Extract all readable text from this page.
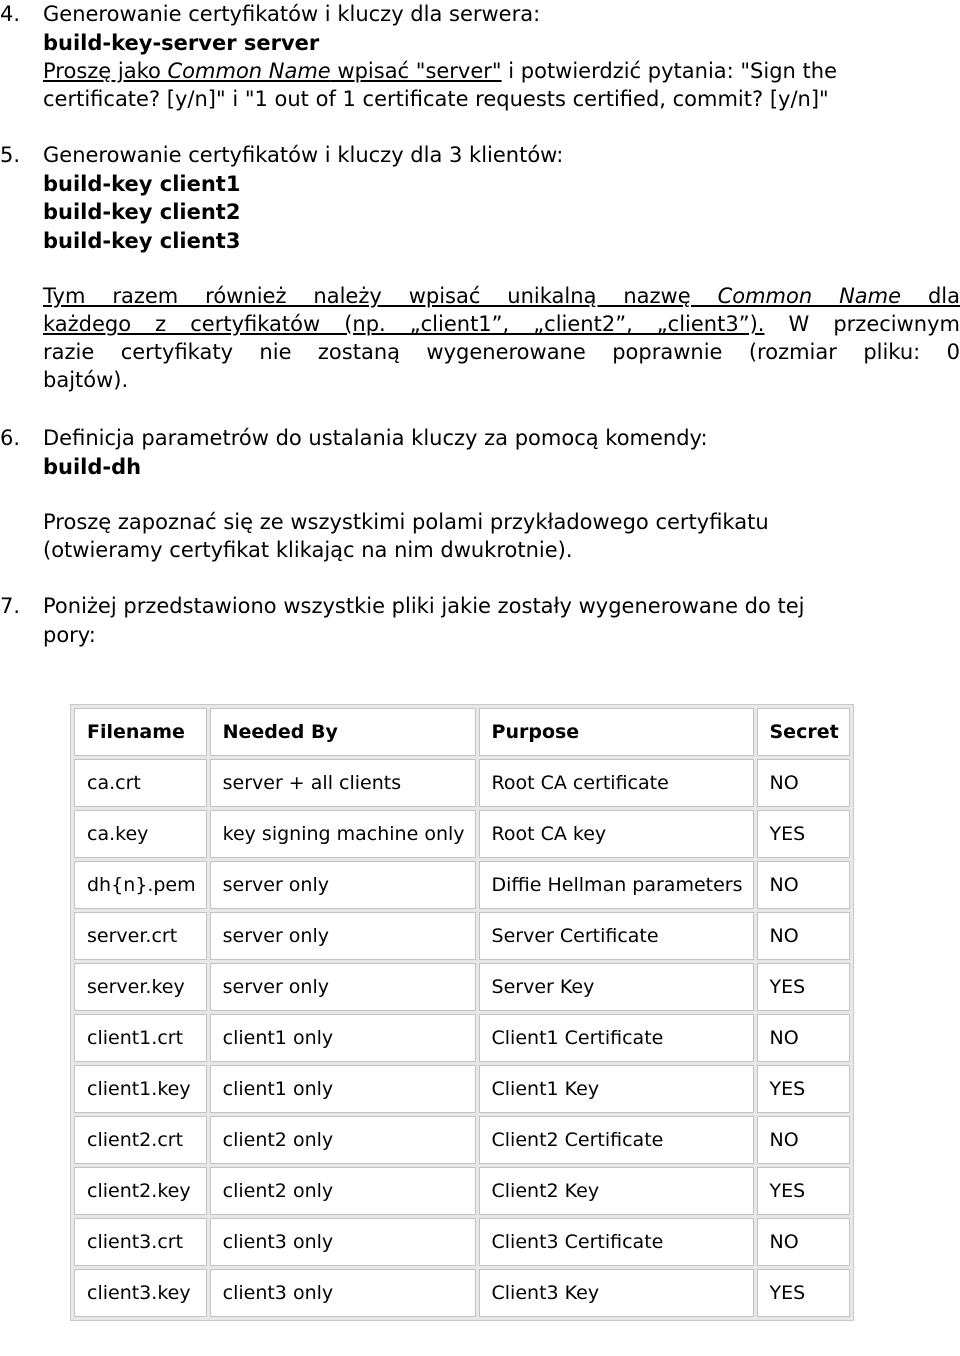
4.	Generowanie certyfikatów i kluczy dla serwera:
build-key-server server
Proszę jako Common Name wpisać "server" i potwierdzić pytania: "Sign the
certificate? [y/n]" i "1 out of 1 certificate requests certified, commit? [y/n]"
5.	Generowanie certyfikatów i kluczy dla 3 klientów:
build-key client1
build-key client2
build-key client3
Tym razem również należy wpisać unikalną nazwę Common Name dla
każdego z certyfikatów (np. „client1”, „client2”, „client3”). W przeciwnym
razie certyfikaty nie zostaną wygenerowane poprawnie (rozmiar pliku: 0
bajtów).
6.	Definicja parametrów do ustalania kluczy za pomocą komendy:
build-dh
Proszę zapoznać się ze wszystkimi polami przykładowego certyfikatu
(otwieramy certyfikat klikając na nim dwukrotnie).
7.	Poniżej przedstawiono wszystkie pliki jakie zostały wygenerowane do tej
pory:
Filename	Needed By	Purpose	Secret
ca.crt	server + all clients	Root CA certificate	NO
ca.key	key signing machine only	Root CA key	YES
dh{n}.pem	server only	Diffie Hellman parameters	NO
server.crt	server only	Server Certificate	NO
server.key	server only	Server Key	YES
client1.crt	client1 only	Client1 Certificate	NO
client1.key	client1 only	Client1 Key	YES
client2.crt	client2 only	Client2 Certificate	NO
client2.key	client2 only	Client2 Key	YES
client3.crt	client3 only	Client3 Certificate	NO
client3.key	client3 only	Client3 Key	YES
